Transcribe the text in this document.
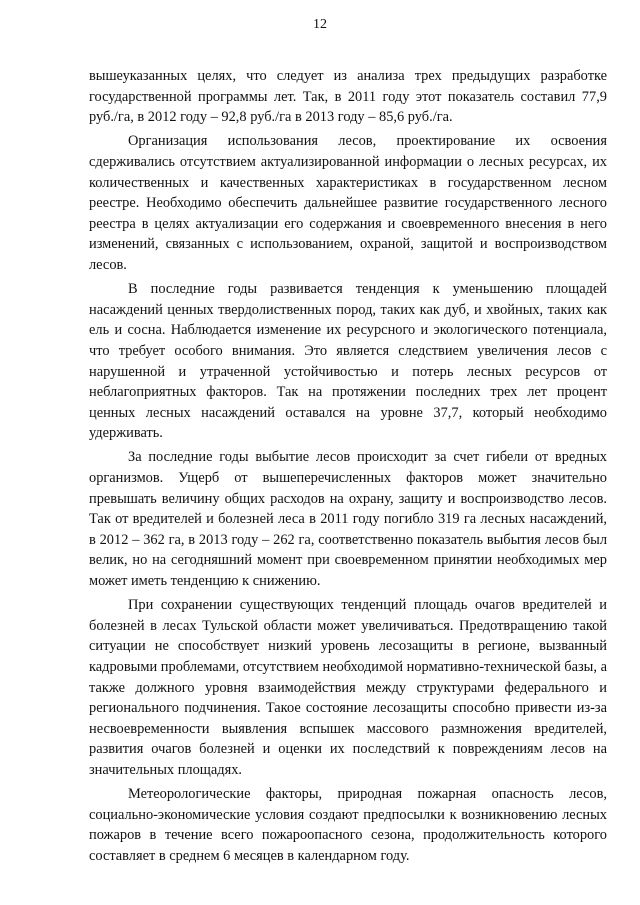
12

вышеуказанных целях, что следует из анализа трех предыдущих разработке государственной программы лет. Так, в 2011 году этот показатель составил 77,9 руб./га, в 2012 году – 92,8 руб./га в 2013 году – 85,6 руб./га.

Организация использования лесов, проектирование их освоения сдерживались отсутствием актуализированной информации о лесных ресурсах, их количественных и качественных характеристиках в государственном лесном реестре. Необходимо обеспечить дальнейшее развитие государственного лесного реестра в целях актуализации его содержания и своевременного внесения в него изменений, связанных с использованием, охраной, защитой и воспроизводством лесов.

В последние годы развивается тенденция к уменьшению площадей насаждений ценных твердолиственных пород, таких как дуб, и хвойных, таких как ель и сосна. Наблюдается изменение их ресурсного и экологического потенциала, что требует особого внимания. Это является следствием увеличения лесов с нарушенной и утраченной устойчивостью и потерь лесных ресурсов от неблагоприятных факторов. Так на протяжении последних трех лет процент ценных лесных насаждений оставался на уровне 37,7, который необходимо удерживать.

За последние годы выбытие лесов происходит за счет гибели от вредных организмов. Ущерб от вышеперечисленных факторов может значительно превышать величину общих расходов на охрану, защиту и воспроизводство лесов. Так от вредителей и болезней леса в 2011 году погибло 319 га лесных насаждений, в 2012 – 362 га, в 2013 году – 262 га, соответственно показатель выбытия лесов был велик, но на сегодняшний момент при своевременном принятии необходимых мер может иметь тенденцию к снижению.

При сохранении существующих тенденций площадь очагов вредителей и болезней в лесах Тульской области может увеличиваться. Предотвращению такой ситуации не способствует низкий уровень лесозащиты в регионе, вызванный кадровыми проблемами, отсутствием необходимой нормативно-технической базы, а также должного уровня взаимодействия между структурами федерального и регионального подчинения. Такое состояние лесозащиты способно привести из-за несвоевременности выявления вспышек массового размножения вредителей, развития очагов болезней и оценки их последствий к повреждениям лесов на значительных площадях.

Метеорологические факторы, природная пожарная опасность лесов, социально-экономические условия создают предпосылки к возникновению лесных пожаров в течение всего пожароопасного сезона, продолжительность которого составляет в среднем 6 месяцев в календарном году.
